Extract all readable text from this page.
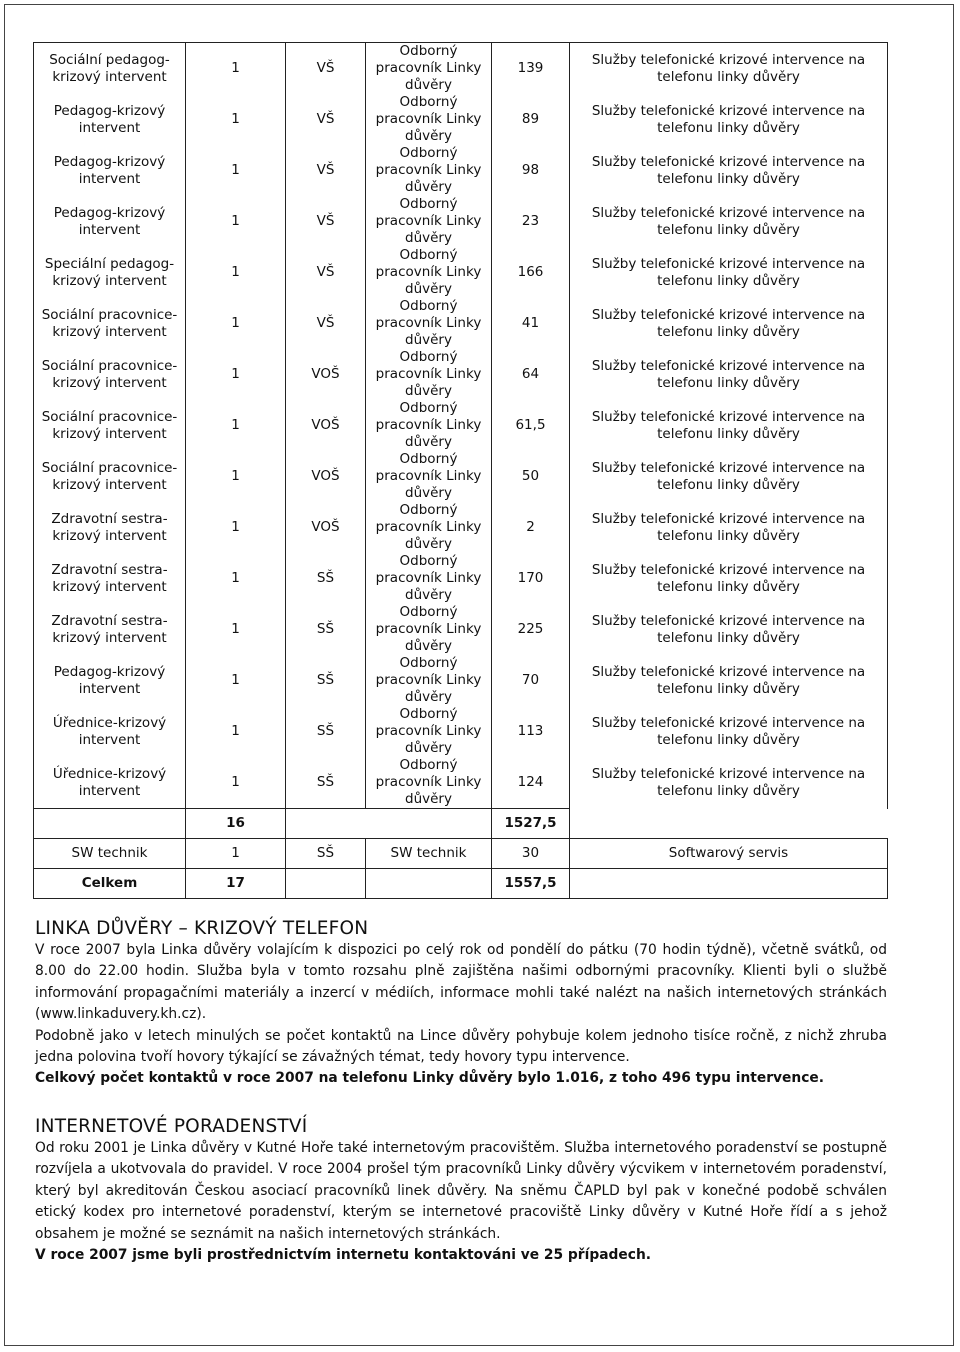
Sociální pedagog-krizový intervent	1	VŠ	Odborný pracovník Linky důvěry	139	Služby telefonické krizové intervence na telefonu linky důvěry
Pedagog-krizový intervent	1	VŠ	Odborný pracovník Linky důvěry	89	Služby telefonické krizové intervence na telefonu linky důvěry
Pedagog-krizový intervent	1	VŠ	Odborný pracovník Linky důvěry	98	Služby telefonické krizové intervence na telefonu linky důvěry
Pedagog-krizový intervent	1	VŠ	Odborný pracovník Linky důvěry	23	Služby telefonické krizové intervence na telefonu linky důvěry
Speciální pedagog-krizový intervent	1	VŠ	Odborný pracovník Linky důvěry	166	Služby telefonické krizové intervence na telefonu linky důvěry
Sociální pracovnice-krizový intervent	1	VŠ	Odborný pracovník Linky důvěry	41	Služby telefonické krizové intervence na telefonu linky důvěry
Sociální pracovnice-krizový intervent	1	VOŠ	Odborný pracovník Linky důvěry	64	Služby telefonické krizové intervence na telefonu linky důvěry
Sociální pracovnice-krizový intervent	1	VOŠ	Odborný pracovník Linky důvěry	61,5	Služby telefonické krizové intervence na telefonu linky důvěry
Sociální pracovnice-krizový intervent	1	VOŠ	Odborný pracovník Linky důvěry	50	Služby telefonické krizové intervence na telefonu linky důvěry
Zdravotní sestra-krizový intervent	1	VOŠ	Odborný pracovník Linky důvěry	2	Služby telefonické krizové intervence na telefonu linky důvěry
Zdravotní sestra-krizový intervent	1	SŠ	Odborný pracovník Linky důvěry	170	Služby telefonické krizové intervence na telefonu linky důvěry
Zdravotní sestra-krizový intervent	1	SŠ	Odborný pracovník Linky důvěry	225	Služby telefonické krizové intervence na telefonu linky důvěry
Pedagog-krizový intervent	1	SŠ	Odborný pracovník Linky důvěry	70	Služby telefonické krizové intervence na telefonu linky důvěry
Úřednice-krizový intervent	1	SŠ	Odborný pracovník Linky důvěry	113	Služby telefonické krizové intervence na telefonu linky důvěry
Úřednice-krizový intervent	1	SŠ	Odborný pracovník Linky důvěry	124	Služby telefonické krizové intervence na telefonu linky důvěry
	16			1527,5	
SW technik	1	SŠ	SW technik	30	Softwarový servis
Celkem	17			1557,5	
LINKA DŮVĚRY – KRIZOVÝ TELEFON

V roce 2007 byla Linka důvěry volajícím k dispozici po celý rok od pondělí do pátku (70 hodin týdně), včetně svátků, od 8.00 do 22.00 hodin. Služba byla v tomto rozsahu plně zajištěna našimi odbornými pracovníky. Klienti byli o službě informování propagačními materiály a inzercí v médiích, informace mohli také nalézt na našich internetových stránkách (www.linkaduvery.kh.cz).

Podobně jako v letech minulých se počet kontaktů na Lince důvěry pohybuje kolem jednoho tisíce ročně, z nichž zhruba jedna polovina tvoří hovory týkající se závažných témat, tedy hovory typu intervence.

Celkový počet kontaktů v roce 2007 na telefonu Linky důvěry bylo 1.016, z toho 496 typu intervence.

INTERNETOVÉ PORADENSTVÍ

Od roku 2001 je Linka důvěry v Kutné Hoře také internetovým pracovištěm. Služba internetového poradenství se postupně rozvíjela a ukotvovala do pravidel. V roce 2004 prošel tým pracovníků Linky důvěry výcvikem v internetovém poradenství, který byl akreditován Českou asociací pracovníků linek důvěry. Na sněmu ČAPLD byl pak v konečné podobě schválen etický kodex pro internetové poradenství, kterým se internetové pracoviště Linky důvěry v Kutné Hoře řídí a s jehož obsahem je možné se seznámit na našich internetových stránkách.

V roce 2007 jsme byli prostřednictvím internetu kontaktováni ve 25 případech.
